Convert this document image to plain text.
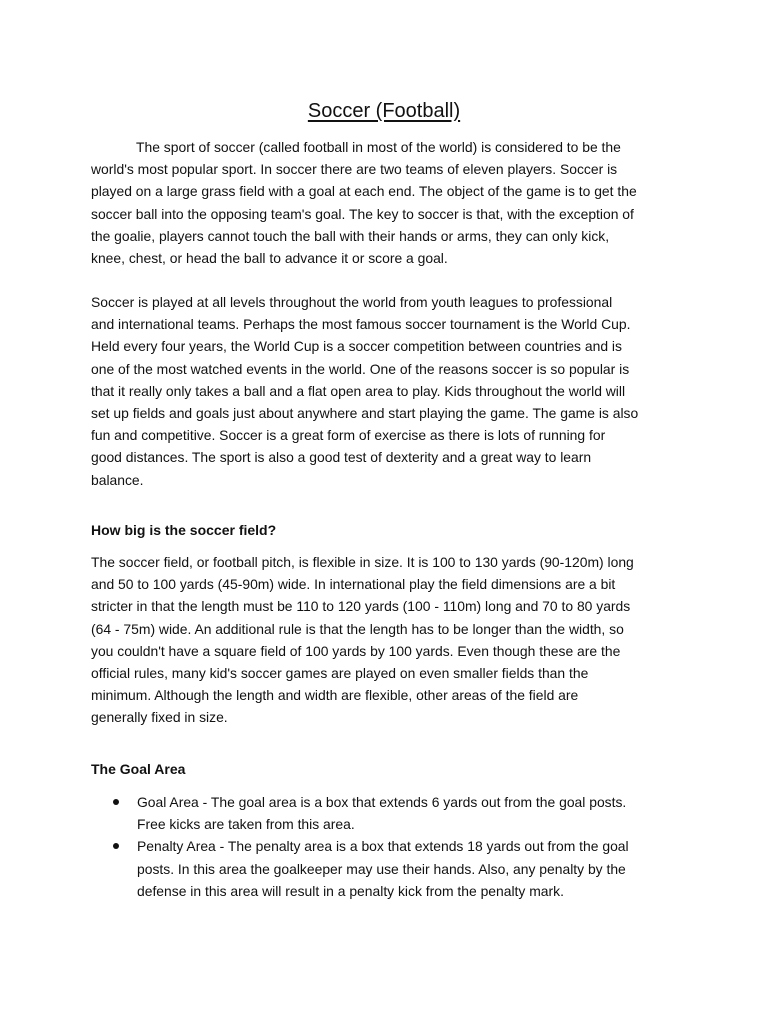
Soccer (Football)

The sport of soccer (called football in most of the world) is considered to be the
world's most popular sport. In soccer there are two teams of eleven players. Soccer is
played on a large grass field with a goal at each end. The object of the game is to get the
soccer ball into the opposing team's goal. The key to soccer is that, with the exception of
the goalie, players cannot touch the ball with their hands or arms, they can only kick,
knee, chest, or head the ball to advance it or score a goal.

Soccer is played at all levels throughout the world from youth leagues to professional
and international teams. Perhaps the most famous soccer tournament is the World Cup.
Held every four years, the World Cup is a soccer competition between countries and is
one of the most watched events in the world. One of the reasons soccer is so popular is
that it really only takes a ball and a flat open area to play. Kids throughout the world will
set up fields and goals just about anywhere and start playing the game. The game is also
fun and competitive. Soccer is a great form of exercise as there is lots of running for
good distances. The sport is also a good test of dexterity and a great way to learn
balance.

How big is the soccer field?

The soccer field, or football pitch, is flexible in size. It is 100 to 130 yards (90-120m) long
and 50 to 100 yards (45-90m) wide. In international play the field dimensions are a bit
stricter in that the length must be 110 to 120 yards (100 - 110m) long and 70 to 80 yards
(64 - 75m) wide. An additional rule is that the length has to be longer than the width, so
you couldn't have a square field of 100 yards by 100 yards. Even though these are the
official rules, many kid's soccer games are played on even smaller fields than the
minimum. Although the length and width are flexible, other areas of the field are
generally fixed in size.

The Goal Area
Goal Area - The goal area is a box that extends 6 yards out from the goal posts.
Free kicks are taken from this area.
Penalty Area - The penalty area is a box that extends 18 yards out from the goal
posts. In this area the goalkeeper may use their hands. Also, any penalty by the
defense in this area will result in a penalty kick from the penalty mark.
